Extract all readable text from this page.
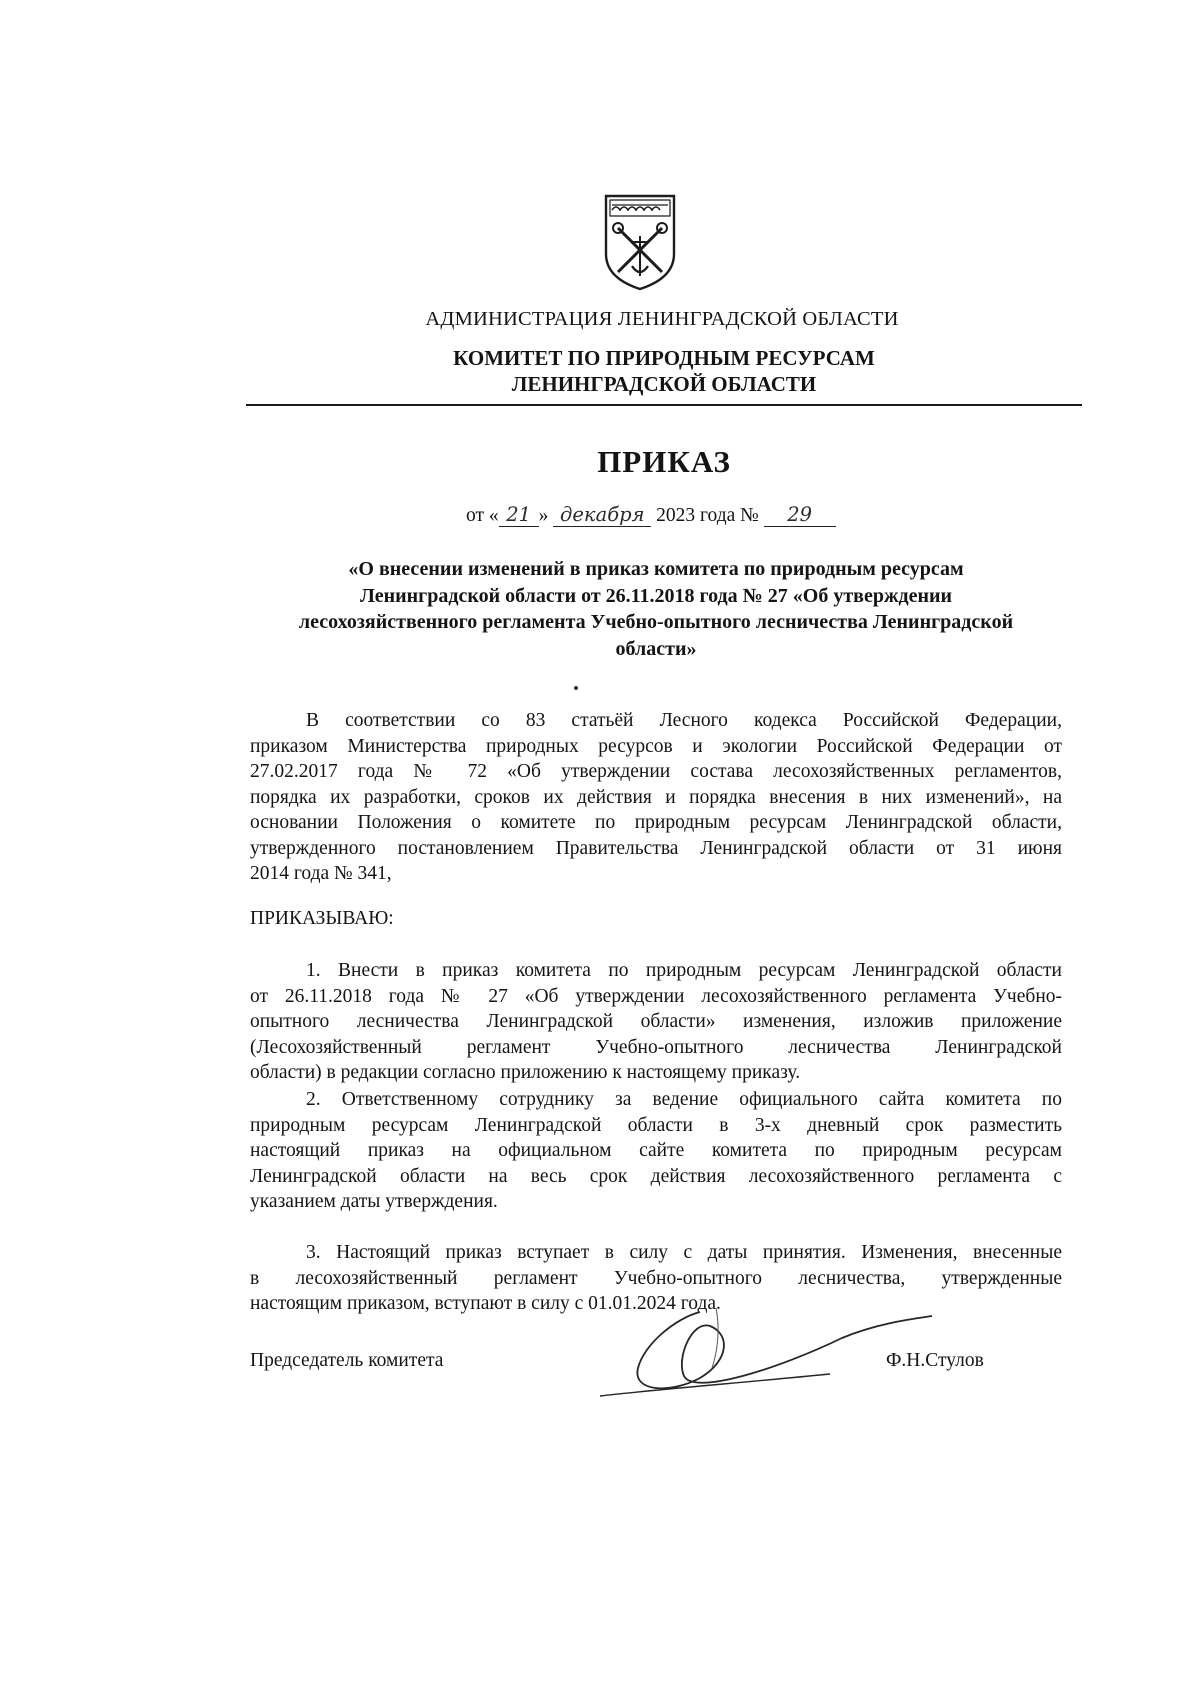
АДМИНИСТРАЦИЯ ЛЕНИНГРАДСКОЙ ОБЛАСТИ
КОМИТЕТ ПО ПРИРОДНЫМ РЕСУРСАМ
ЛЕНИНГРАДСКОЙ ОБЛАСТИ
ПРИКАЗ
от « 21 » декабря 2023 года № 29
«О внесении изменений в приказ комитета по природным ресурсам
Ленинградской области от 26.11.2018 года № 27 «Об утверждении
лесохозяйственного регламента Учебно-опытного лесничества Ленинградской
области»
В соответствии со 83 статьёй Лесного кодекса Российской Федерации,
приказом Министерства природных ресурсов и экологии Российской Федерации от
27.02.2017 года № 72 «Об утверждении состава лесохозяйственных регламентов,
порядка их разработки, сроков их действия и порядка внесения в них изменений», на
основании Положения о комитете по природным ресурсам Ленинградской области,
утвержденного постановлением Правительства Ленинградской области от 31 июня
2014 года № 341,
ПРИКАЗЫВАЮ:
1. Внести в приказ комитета по природным ресурсам Ленинградской области
от 26.11.2018 года № 27 «Об утверждении лесохозяйственного регламента Учебно-
опытного лесничества Ленинградской области» изменения, изложив приложение
(Лесохозяйственный регламент Учебно-опытного лесничества Ленинградской
области) в редакции согласно приложению к настоящему приказу.
2. Ответственному сотруднику за ведение официального сайта комитета по
природным ресурсам Ленинградской области в 3-х дневный срок разместить
настоящий приказ на официальном сайте комитета по природным ресурсам
Ленинградской области на весь срок действия лесохозяйственного регламента с
указанием даты утверждения.
3. Настоящий приказ вступает в силу с даты принятия. Изменения, внесенные
в лесохозяйственный регламент Учебно-опытного лесничества, утвержденные
настоящим приказом, вступают в силу с 01.01.2024 года.
Председатель комитета	Ф.Н.Стулов
